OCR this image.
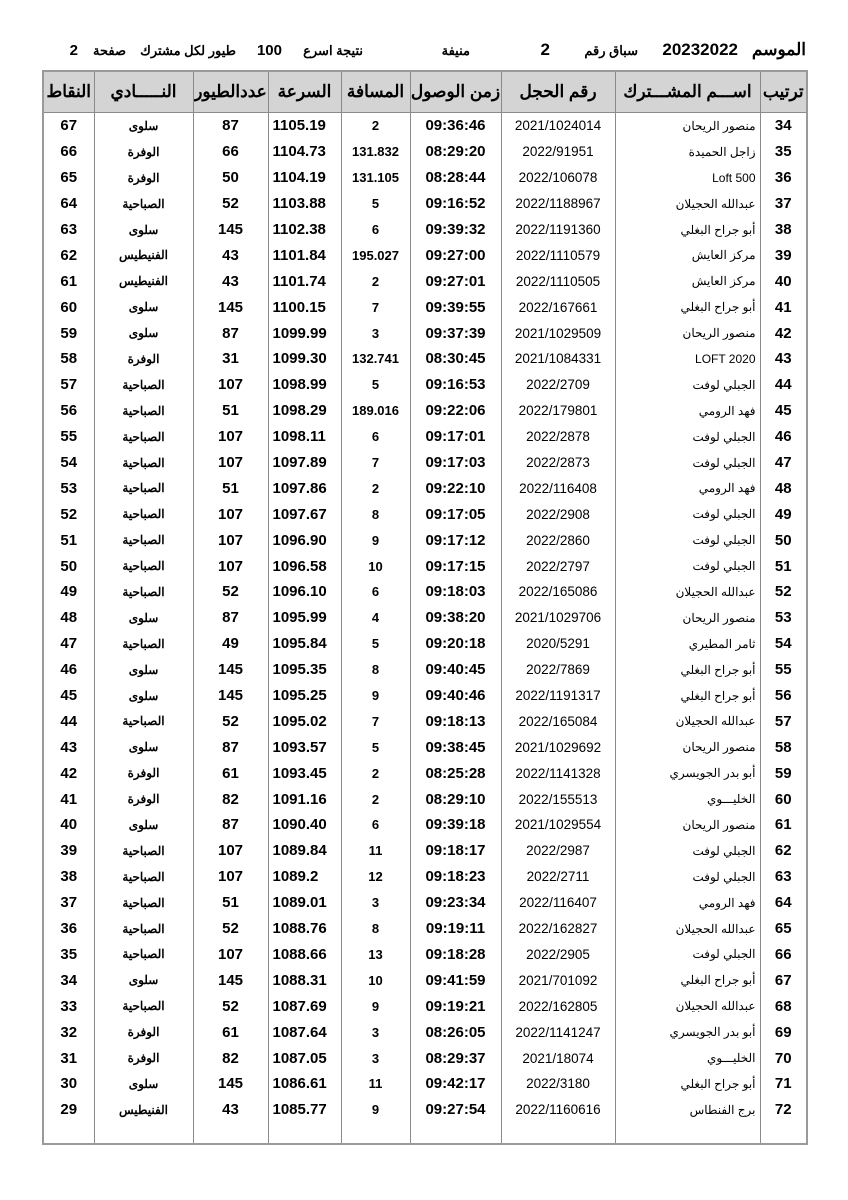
الموسم
20232022
سباق رقم
2
منيفة
نتيجة اسرع
100
طيور لكل مشترك
صفحة
2
ترتيب	اســـم المشـــترك	رقم الحجل	زمن الوصول	المسافة	السرعة	عددالطيور	النـــــادي	النقاط
34	منصور الريحان	2021/1024014	09:36:46	2	1105.19	87	سلوى	67
35	زاجل الحميدة	2022/91951	08:29:20	131.832	1104.73	66	الوفرة	66
36	Loft 500	2022/106078	08:28:44	131.105	1104.19	50	الوفرة	65
37	عبدالله الحجيلان	2022/1188967	09:16:52	5	1103.88	52	الصباحية	64
38	أبو جراح البغلي	2022/1191360	09:39:32	6	1102.38	145	سلوى	63
39	مركز العايش	2022/1110579	09:27:00	195.027	1101.84	43	الفنيطيس	62
40	مركز العايش	2022/1110505	09:27:01	2	1101.74	43	الفنيطيس	61
41	أبو جراح البغلي	2022/167661	09:39:55	7	1100.15	145	سلوى	60
42	منصور الريحان	2021/1029509	09:37:39	3	1099.99	87	سلوى	59
43	LOFT 2020	2021/1084331	08:30:45	132.741	1099.30	31	الوفرة	58
44	الجبلي لوفت	2022/2709	09:16:53	5	1098.99	107	الصباحية	57
45	فهد الرومي	2022/179801	09:22:06	189.016	1098.29	51	الصباحية	56
46	الجبلي لوفت	2022/2878	09:17:01	6	1098.11	107	الصباحية	55
47	الجبلي لوفت	2022/2873	09:17:03	7	1097.89	107	الصباحية	54
48	فهد الرومي	2022/116408	09:22:10	2	1097.86	51	الصباحية	53
49	الجبلي لوفت	2022/2908	09:17:05	8	1097.67	107	الصباحية	52
50	الجبلي لوفت	2022/2860	09:17:12	9	1096.90	107	الصباحية	51
51	الجبلي لوفت	2022/2797	09:17:15	10	1096.58	107	الصباحية	50
52	عبدالله الحجيلان	2022/165086	09:18:03	6	1096.10	52	الصباحية	49
53	منصور الريحان	2021/1029706	09:38:20	4	1095.99	87	سلوى	48
54	ثامر المطيري	2020/5291	09:20:18	5	1095.84	49	الصباحية	47
55	أبو جراح البغلي	2022/7869	09:40:45	8	1095.35	145	سلوى	46
56	أبو جراح البغلي	2022/1191317	09:40:46	9	1095.25	145	سلوى	45
57	عبدالله الحجيلان	2022/165084	09:18:13	7	1095.02	52	الصباحية	44
58	منصور الريحان	2021/1029692	09:38:45	5	1093.57	87	سلوى	43
59	أبو بدر الجويسري	2022/1141328	08:25:28	2	1093.45	61	الوفرة	42
60	الخليـــوي	2022/155513	08:29:10	2	1091.16	82	الوفرة	41
61	منصور الريحان	2021/1029554	09:39:18	6	1090.40	87	سلوى	40
62	الجبلي لوفت	2022/2987	09:18:17	11	1089.84	107	الصباحية	39
63	الجبلي لوفت	2022/2711	09:18:23	12	1089.2	107	الصباحية	38
64	فهد الرومي	2022/116407	09:23:34	3	1089.01	51	الصباحية	37
65	عبدالله الحجيلان	2022/162827	09:19:11	8	1088.76	52	الصباحية	36
66	الجبلي لوفت	2022/2905	09:18:28	13	1088.66	107	الصباحية	35
67	أبو جراح البغلي	2021/701092	09:41:59	10	1088.31	145	سلوى	34
68	عبدالله الحجيلان	2022/162805	09:19:21	9	1087.69	52	الصباحية	33
69	أبو بدر الجويسري	2022/1141247	08:26:05	3	1087.64	61	الوفرة	32
70	الخليـــوي	2021/18074	08:29:37	3	1087.05	82	الوفرة	31
71	أبو جراح البغلي	2022/3180	09:42:17	11	1086.61	145	سلوى	30
72	برج الفنطاس	2022/1160616	09:27:54	9	1085.77	43	الفنيطيس	29
